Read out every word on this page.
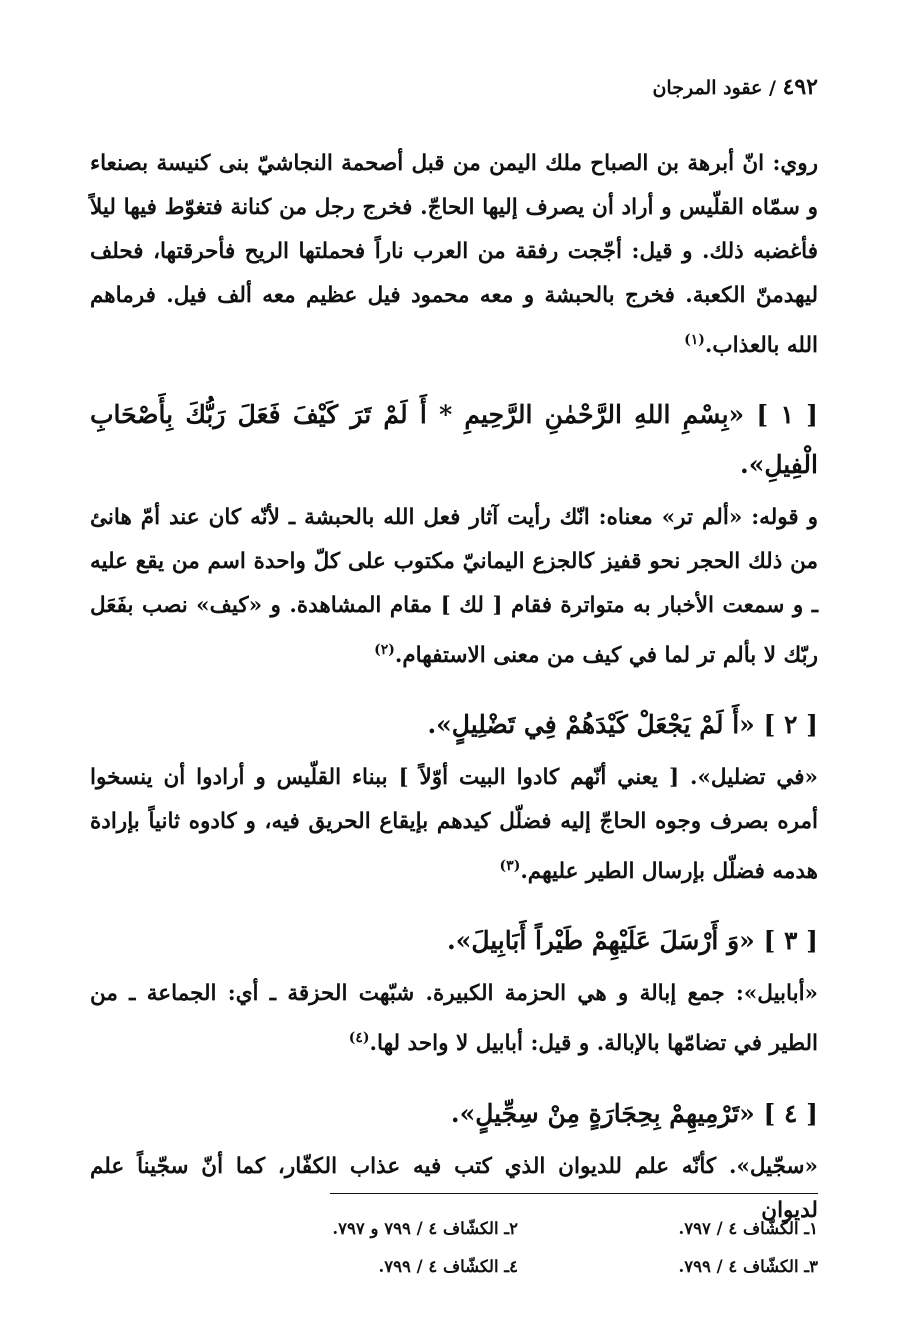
٤٩٢ / عقود المرجان

روي: انّ أبرهة بن الصباح ملك اليمن من قبل أصحمة النجاشيّ بنى كنيسة بصنعاء و سمّاه القلّيس و أراد أن يصرف إليها الحاجّ. فخرج رجل من كنانة فتغوّط فيها ليلاً فأغضبه ذلك. و قيل: أجّجت رفقة من العرب ناراً فحملتها الريح فأحرقتها، فحلف ليهدمنّ الكعبة. فخرج بالحبشة و معه محمود فيل عظيم معه ألف فيل. فرماهم الله بالعذاب.$^{(١)}$

[ ١ ] «بِسْمِ اللهِ الرَّحْمٰنِ الرَّحِيمِ * أَ لَمْ تَرَ كَيْفَ فَعَلَ رَبُّكَ بِأَصْحَابِ الْفِيلِ».

و قوله: «ألم تر» معناه: انّك رأيت آثار فعل الله بالحبشة ـ لأنّه كان عند أمّ هانئ من ذلك الحجر نحو قفيز كالجزع اليمانيّ مكتوب على كلّ واحدة اسم من يقع عليه ـ و سمعت الأخبار به متواترة فقام [ لك ] مقام المشاهدة. و «كيف» نصب بفَعَل ربّك لا بألم تر لما في كيف من معنى الاستفهام.$^{(٢)}$

[ ٢ ] «أَ لَمْ يَجْعَلْ كَيْدَهُمْ فِي تَضْلِيلٍ».

«في تضليل». [ يعني أنّهم كادوا البيت أوّلاً ] ببناء القلّيس و أرادوا أن ينسخوا أمره بصرف وجوه الحاجّ إليه فضلّل كيدهم بإيقاع الحريق فيه، و كادوه ثانياً بإرادة هدمه فضلّل بإرسال الطير عليهم.$^{(٣)}$

[ ٣ ] «وَ أَرْسَلَ عَلَيْهِمْ طَيْراً أَبَابِيلَ».

«أبابيل»: جمع إبالة و هي الحزمة الكبيرة. شبّهت الحزقة ـ أي: الجماعة ـ من الطير في تضامّها بالإبالة. و قيل: أبابيل لا واحد لها.$^{(٤)}$

[ ٤ ] «تَرْمِيهِمْ بِحِجَارَةٍ مِنْ سِجِّيلٍ».

«سجّيل». كأنّه علم للديوان الذي كتب فيه عذاب الكفّار، كما أنّ سجّيناً علم لديوان

١ـ الكشّاف ٤ / ٧٩٧.
٢ـ الكشّاف ٤ / ٧٩٩ و ٧٩٧.
٣ـ الكشّاف ٤ / ٧٩٩.
٤ـ الكشّاف ٤ / ٧٩٩.
